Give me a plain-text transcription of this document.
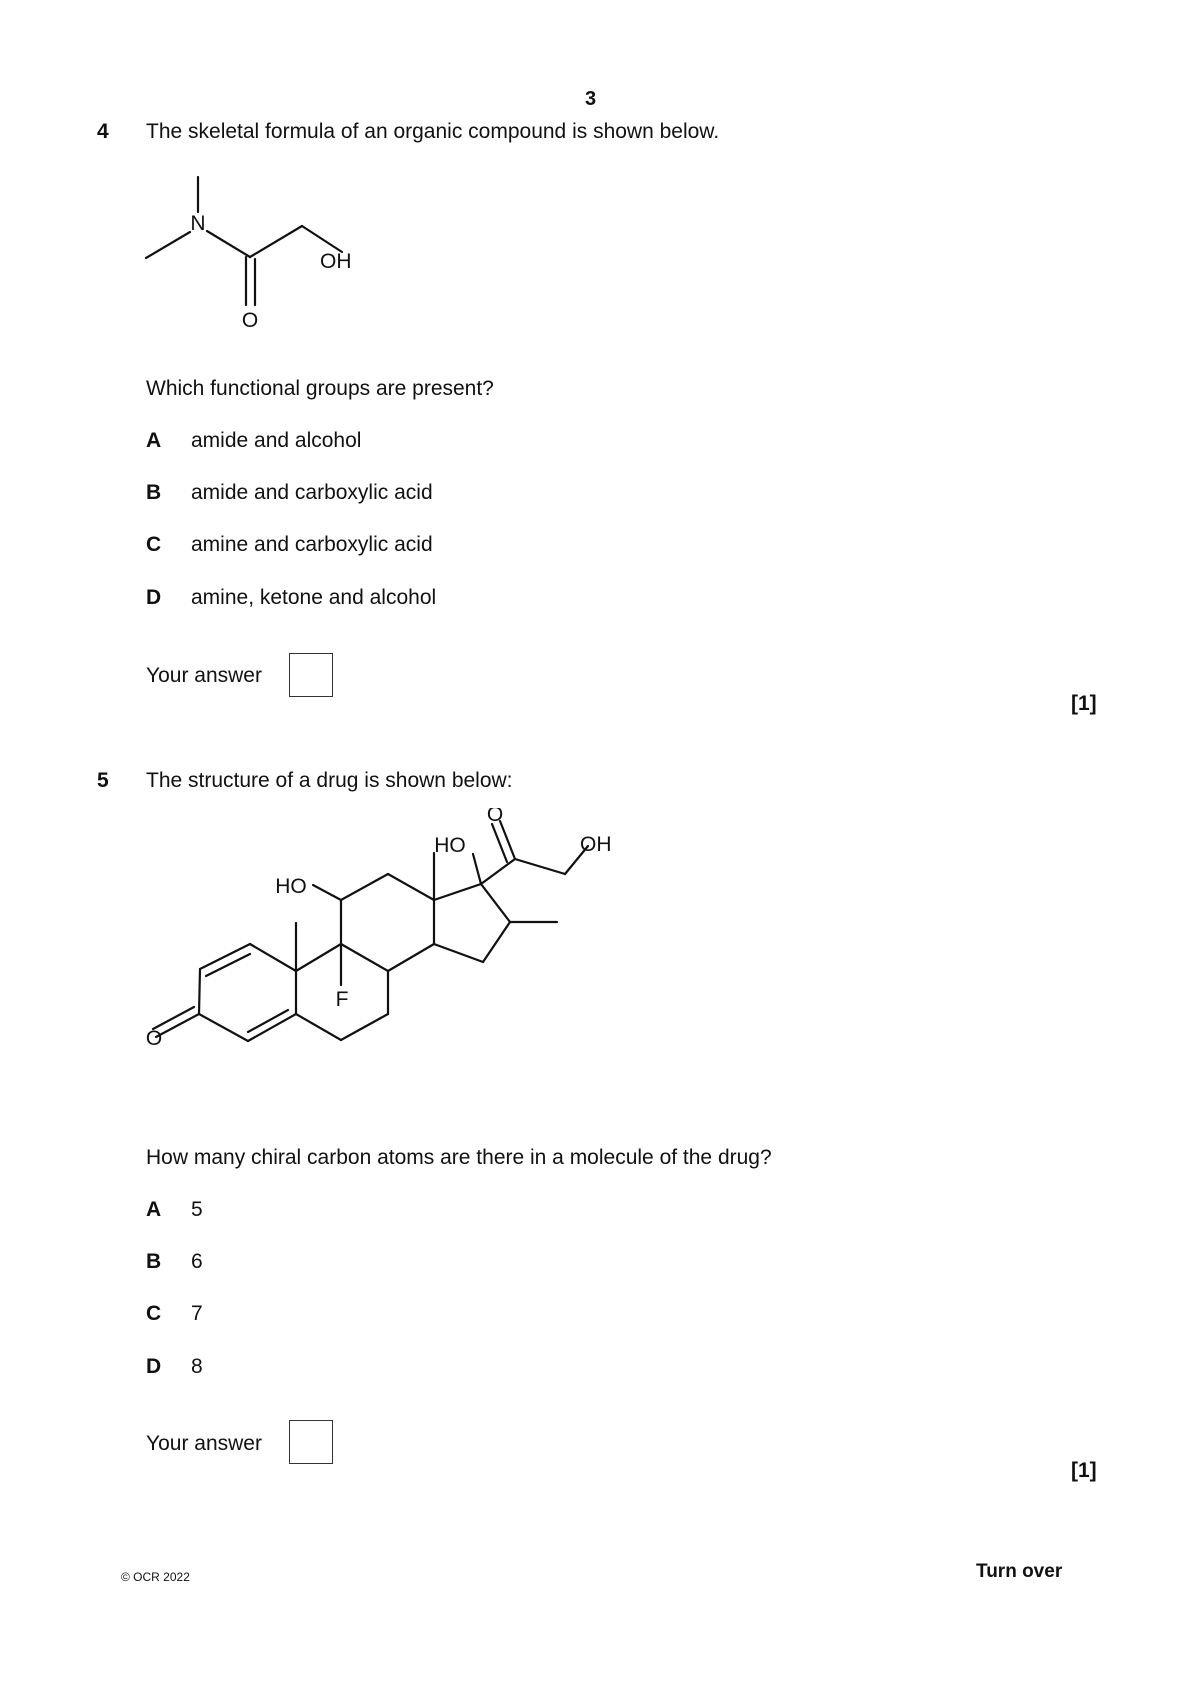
3
4 The skeletal formula of an organic compound is shown below.
N
OH
O
Which functional groups are present?
A amide and alcohol
B amide and carboxylic acid
C amine and carboxylic acid
D amine, ketone and alcohol
Your answer
[1]
5 The structure of a drug is shown below:
O
HO	OH
HO
F
O
How many chiral carbon atoms are there in a molecule of the drug?
A 5
B 6
C 7
D 8
Your answer
[1]
© OCR 2022	Turn over
